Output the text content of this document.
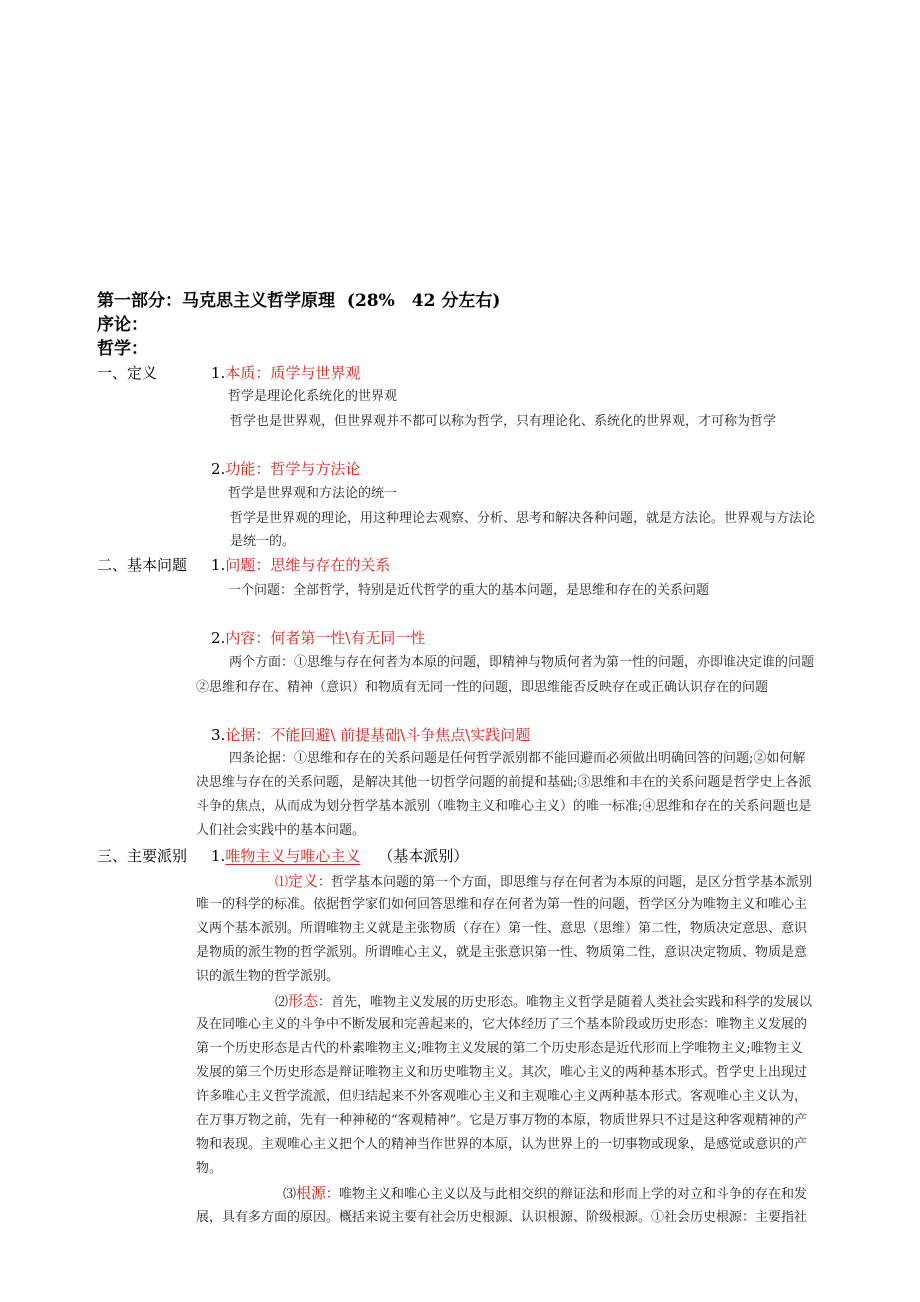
第一部分：马克思主义哲学原理 (28%　42 分左右)
序论：
哲学：
一、定义	1.本质：质学与世界观
哲学是理论化系统化的世界观
哲学也是世界观，但世界观并不都可以称为哲学，只有理论化、系统化的世界观，才可称为哲学
2.功能：哲学与方法论
哲学是世界观和方法论的统一
哲学是世界观的理论，用这种理论去观察、分析、思考和解决各种问题，就是方法论。世界观与方法论
是统一的。
二、基本问题 1.问题：思维与存在的关系
一个问题：全部哲学，特别是近代哲学的重大的基本问题，是思维和存在的关系问题
2.内容：何者第一性\有无同一性
两个方面：①思维与存在何者为本原的问题，即精神与物质何者为第一性的问题，亦即谁决定谁的问题
②思维和存在、精神（意识）和物质有无同一性的问题，即思维能否反映存在或正确认识存在的问题
3.论据：不能回避\ 前提基础\斗争焦点\实践问题
四条论据：①思维和存在的关系问题是任何哲学派别都不能回避而必须做出明确回答的问题;②如何解
决思维与存在的关系问题，是解决其他一切哲学问题的前提和基础;③思维和丰在的关系问题是哲学史上各派
斗争的焦点，从而成为划分哲学基本派别（唯物主义和唯心主义）的唯一标准;④思维和存在的关系问题也是
人们社会实践中的基本问题。
三、主要派别 1.唯物主义与唯心主义 （基本派别）
⑴定义：哲学基本问题的第一个方面，即思维与存在何者为本原的问题，是区分哲学基本派别
唯一的科学的标准。依据哲学家们如何回答思维和存在何者为第一性的问题，哲学区分为唯物主义和唯心主
义两个基本派别。所谓唯物主义就是主张物质（存在）第一性、意思（思维）第二性，物质决定意思、意识
是物质的派生物的哲学派别。所谓唯心主义，就是主张意识第一性、物质第二性，意识决定物质、物质是意
识的派生物的哲学派别。
⑵形态：首先，唯物主义发展的历史形态。唯物主义哲学是随着人类社会实践和科学的发展以
及在同唯心主义的斗争中不断发展和完善起来的，它大体经历了三个基本阶段或历史形态：唯物主义发展的
第一个历史形态是古代的朴素唯物主义;唯物主义发展的第二个历史形态是近代形而上学唯物主义;唯物主义
发展的第三个历史形态是辩证唯物主义和历史唯物主义。其次，唯心主义的两种基本形式。哲学史上出现过
许多唯心主义哲学流派，但归结起来不外客观唯心主义和主观唯心主义两种基本形式。客观唯心主义认为，
在万事万物之前，先有一种神秘的“客观精神”。它是万事万物的本原，物质世界只不过是这种客观精神的产
物和表现。主观唯心主义把个人的精神当作世界的本原，认为世界上的一切事物或现象，是感觉或意识的产
物。
⑶根源：唯物主义和唯心主义以及与此相交织的辩证法和形而上学的对立和斗争的存在和发
展，具有多方面的原因。概括来说主要有社会历史根源、认识根源、阶级根源。①社会历史根源：主要指社
